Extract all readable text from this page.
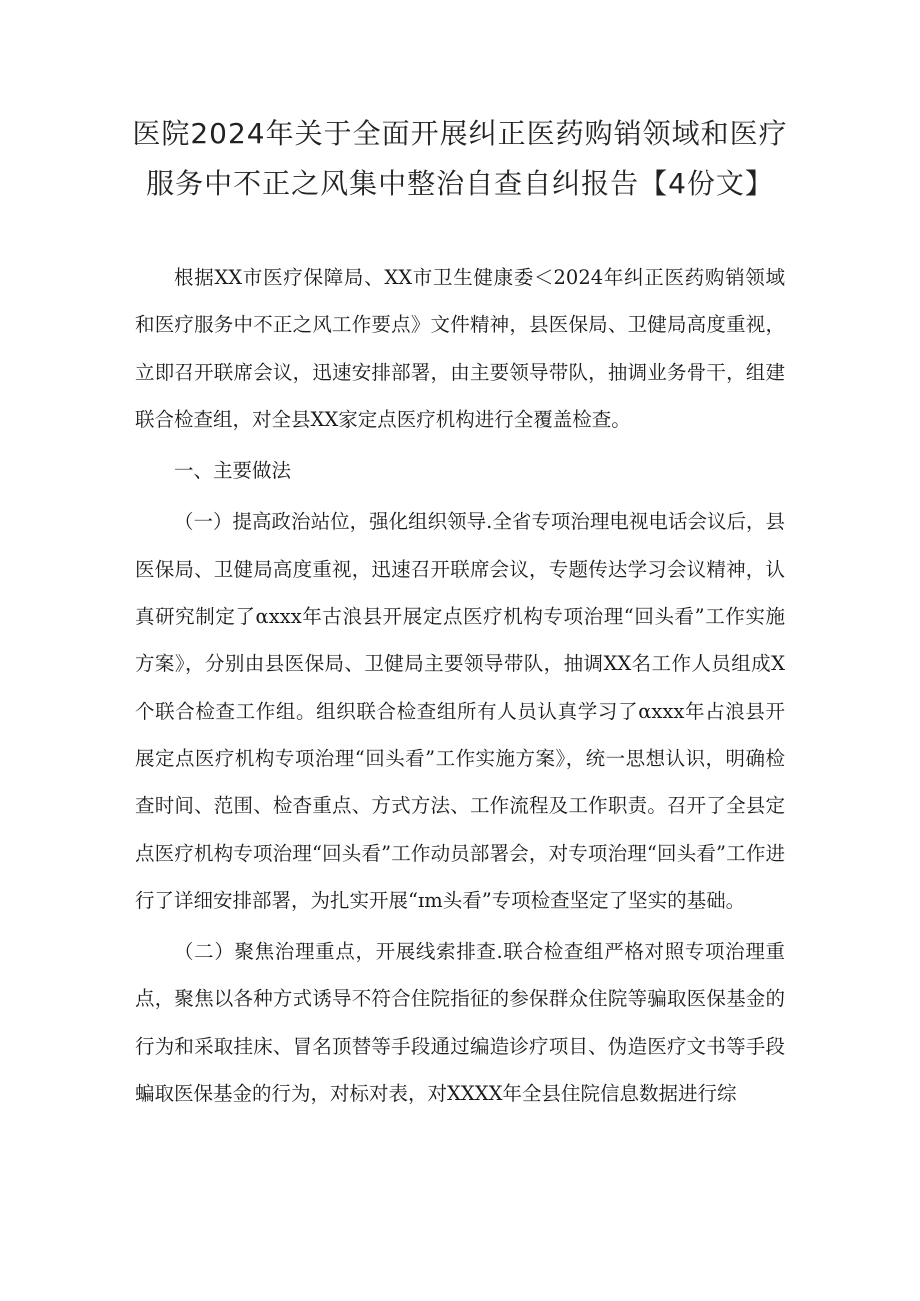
医院2024年关于全面开展纠正医药购销领域和医疗
服务中不正之风集中整治自查自纠报告【4份文】

根据XX市医疗保障局、XX市卫生健康委＜2024年纠正医药购销领域和医疗服务中不正之风工作要点》文件精神，县医保局、卫健局高度重视，立即召开联席会议，迅速安排部署，由主要领导带队，抽调业务骨干，组建联合检查组，对全县XX家定点医疗机构进行全覆盖检查。

一、主要做法

（一）提高政治站位，强化组织领导.全省专项治理电视电话会议后，县医保局、卫健局高度重视，迅速召开联席会议，专题传达学习会议精神，认真研究制定了αxxx年古浪县开展定点医疗机构专项治理“回头看”工作实施方案》，分别由县医保局、卫健局主要领导带队，抽调XX名工作人员组成X个联合检查工作组。组织联合检查组所有人员认真学习了αxxx年占浪县开展定点医疗机构专项治理“回头看”工作实施方案》，统一思想认识，明确检查时间、范围、检杳重点、方式方法、工作流程及工作职责。召开了全县定点医疗机构专项治理“回头看”工作动员部署会，对专项治理“回头看”工作进行了详细安排部署，为扎实开展“ɪm头看”专项检查坚定了坚实的基础。

（二）聚焦治理重点，开展线索排查.联合检查组严格对照专项治理重点，聚焦以各种方式诱导不符合住院指征的参保群众住院等骗取医保基金的行为和采取挂床、冒名顶替等手段通过编造诊疗项目、伪造医疗文书等手段蝙取医保基金的行为，对标对表，对XXXX年全县住院信息数据进行综
